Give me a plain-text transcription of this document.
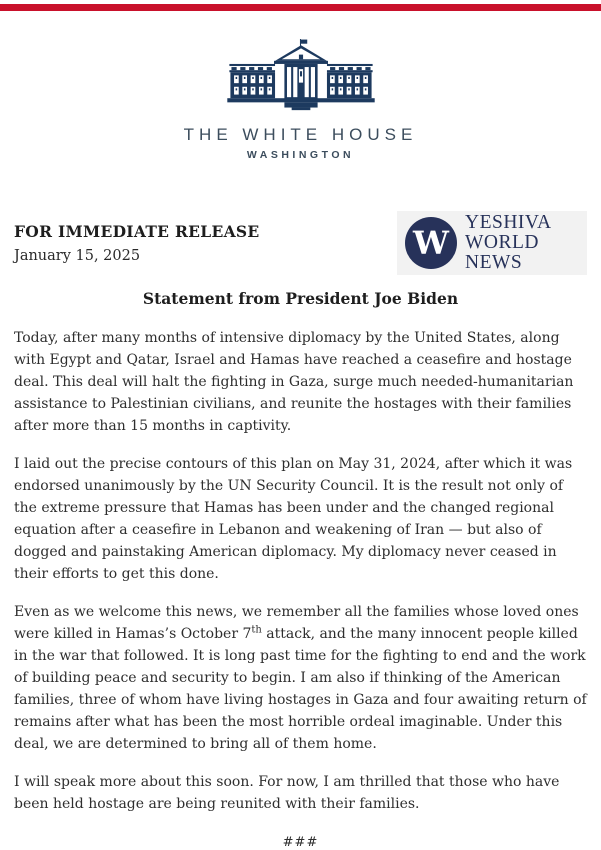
THE WHITE HOUSE
WASHINGTON
FOR IMMEDIATE RELEASE
January 15, 2025	W
YESHIVA
WORLD
NEWS
Statement from President Joe Biden

Today, after many months of intensive diplomacy by the United States, along with Egypt and Qatar, Israel and Hamas have reached a ceasefire and hostage deal. This deal will halt the fighting in Gaza, surge much needed-humanitarian assistance to Palestinian civilians, and reunite the hostages with their families after more than 15 months in captivity.

I laid out the precise contours of this plan on May 31, 2024, after which it was endorsed unanimously by the UN Security Council. It is the result not only of the extreme pressure that Hamas has been under and the changed regional equation after a ceasefire in Lebanon and weakening of Iran — but also of dogged and painstaking American diplomacy. My diplomacy never ceased in their efforts to get this done.

Even as we welcome this news, we remember all the families whose loved ones were killed in Hamas’s October 7th attack, and the many innocent people killed in the war that followed. It is long past time for the fighting to end and the work of building peace and security to begin. I am also if thinking of the American families, three of whom have living hostages in Gaza and four awaiting return of remains after what has been the most horrible ordeal imaginable. Under this deal, we are determined to bring all of them home.

I will speak more about this soon. For now, I am thrilled that those who have been held hostage are being reunited with their families.

###
